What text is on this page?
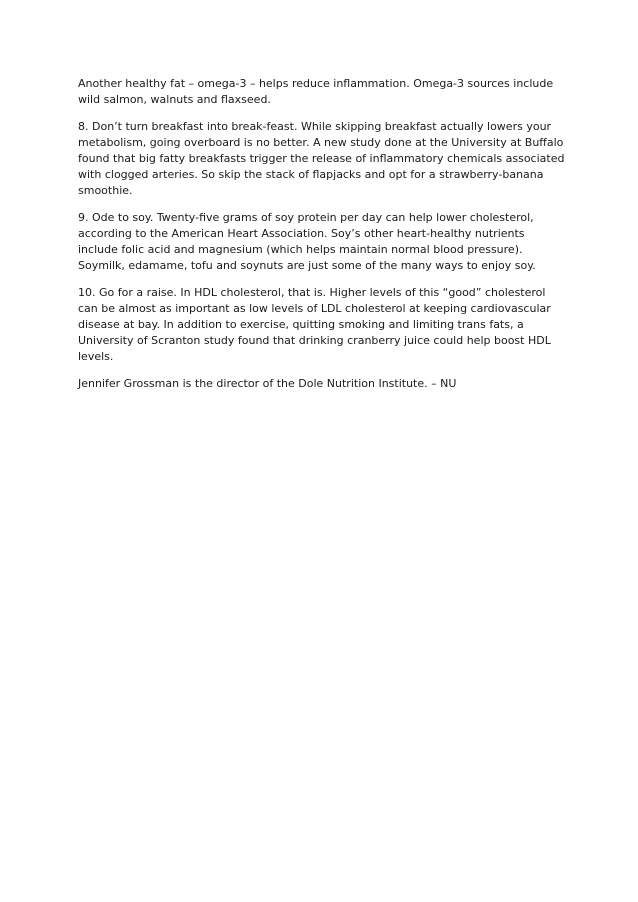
Another healthy fat – omega-3 – helps reduce inflammation. Omega-3 sources include wild salmon, walnuts and flaxseed.

8. Don’t turn breakfast into break-feast. While skipping breakfast actually lowers your metabolism, going overboard is no better. A new study done at the University at Buffalo found that big fatty breakfasts trigger the release of inflammatory chemicals associated with clogged arteries. So skip the stack of flapjacks and opt for a strawberry-banana smoothie.

9. Ode to soy. Twenty-five grams of soy protein per day can help lower cholesterol, according to the American Heart Association. Soy’s other heart-healthy nutrients include folic acid and magnesium (which helps maintain normal blood pressure). Soymilk, edamame, tofu and soynuts are just some of the many ways to enjoy soy.

10. Go for a raise. In HDL cholesterol, that is. Higher levels of this “good” cholesterol can be almost as important as low levels of LDL cholesterol at keeping cardiovascular disease at bay. In addition to exercise, quitting smoking and limiting trans fats, a University of Scranton study found that drinking cranberry juice could help boost HDL levels.

Jennifer Grossman is the director of the Dole Nutrition Institute. – NU
